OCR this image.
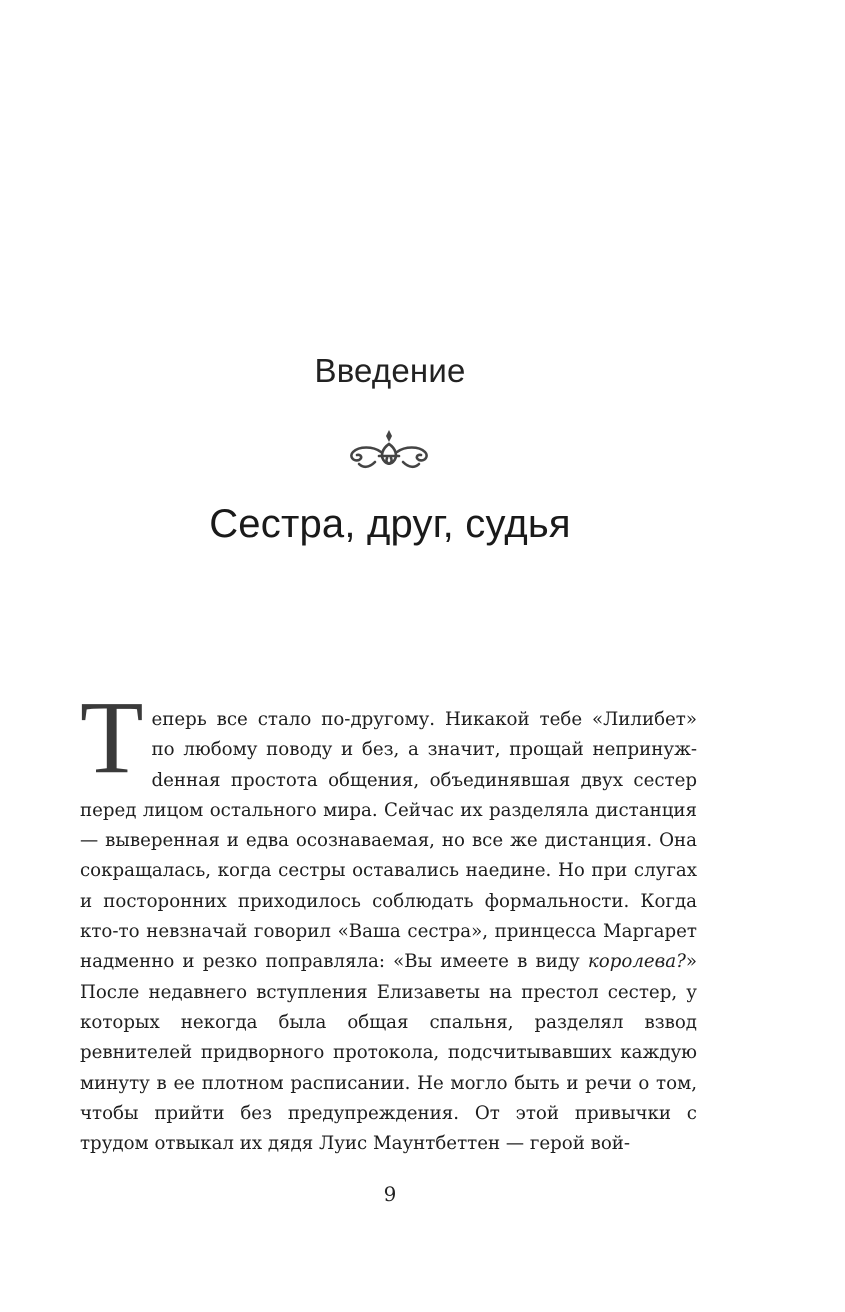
Введение
Сестра, друг, судья

Теперь все стало по-другому. Никакой тебе «Лилибет» по любому поводу и без, а значит, прощай непринужdенная простота общения, объединявшая двух сестер перед лицом остального мира. Сейчас их разделяла дистанция — выверенная и едва осознаваемая, но все же дистанция. Она сокращалась, когда сестры оставались наедине. Но при слугах и посторонних приходилось соблюдать формальности. Когда кто-то невзначай говорил «Ваша сестра», принцесса Маргарет надменно и резко поправляла: «Вы имеете в виду королева?» После недавнего вступления Елизаветы на престол сестер, у которых некогда была общая спальня, разделял взвод ревнителей придворного протокола, подсчитывавших каждую минуту в ее плотном расписании. Не могло быть и речи о том, чтобы прийти без предупреждения. От этой привычки с трудом отвыкал их дядя Луис Маунтбеттен — герой вой-

9
